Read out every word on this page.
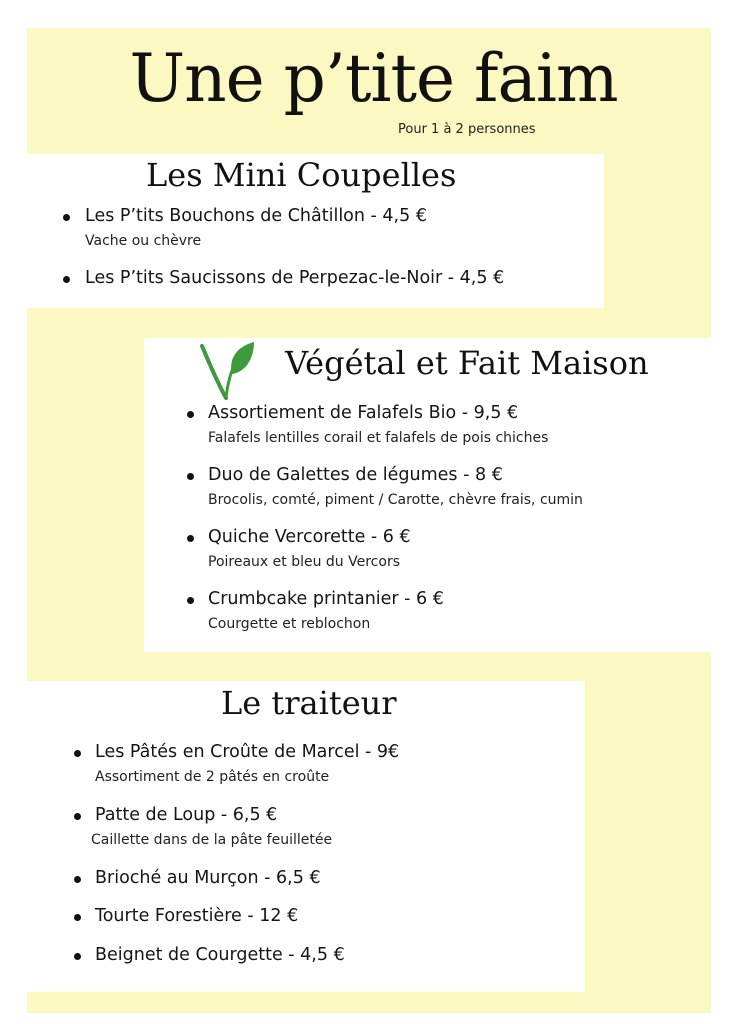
Une p’tite faim
Pour 1 à 2 personnes
Les Mini Coupelles
Les P’tits Bouchons de Châtillon - 4,5 €
Vache ou chèvre
Les P’tits Saucissons de Perpezac-le-Noir - 4,5 €
Végétal et Fait Maison
Assortiement de Falafels Bio - 9,5 €
Falafels lentilles corail et falafels de pois chiches
Duo de Galettes de légumes - 8 €
Brocolis, comté, piment / Carotte, chèvre frais, cumin
Quiche Vercorette - 6 €
Poireaux et bleu du Vercors
Crumbcake printanier - 6 €
Courgette et reblochon
Le traiteur
Les Pâtés en Croûte de Marcel - 9€
Assortiment de 2 pâtés en croûte
Patte de Loup - 6,5 €
Caillette dans de la pâte feuilletée
Brioché au Murçon - 6,5 €
Tourte Forestière - 12 €
Beignet de Courgette - 4,5 €
